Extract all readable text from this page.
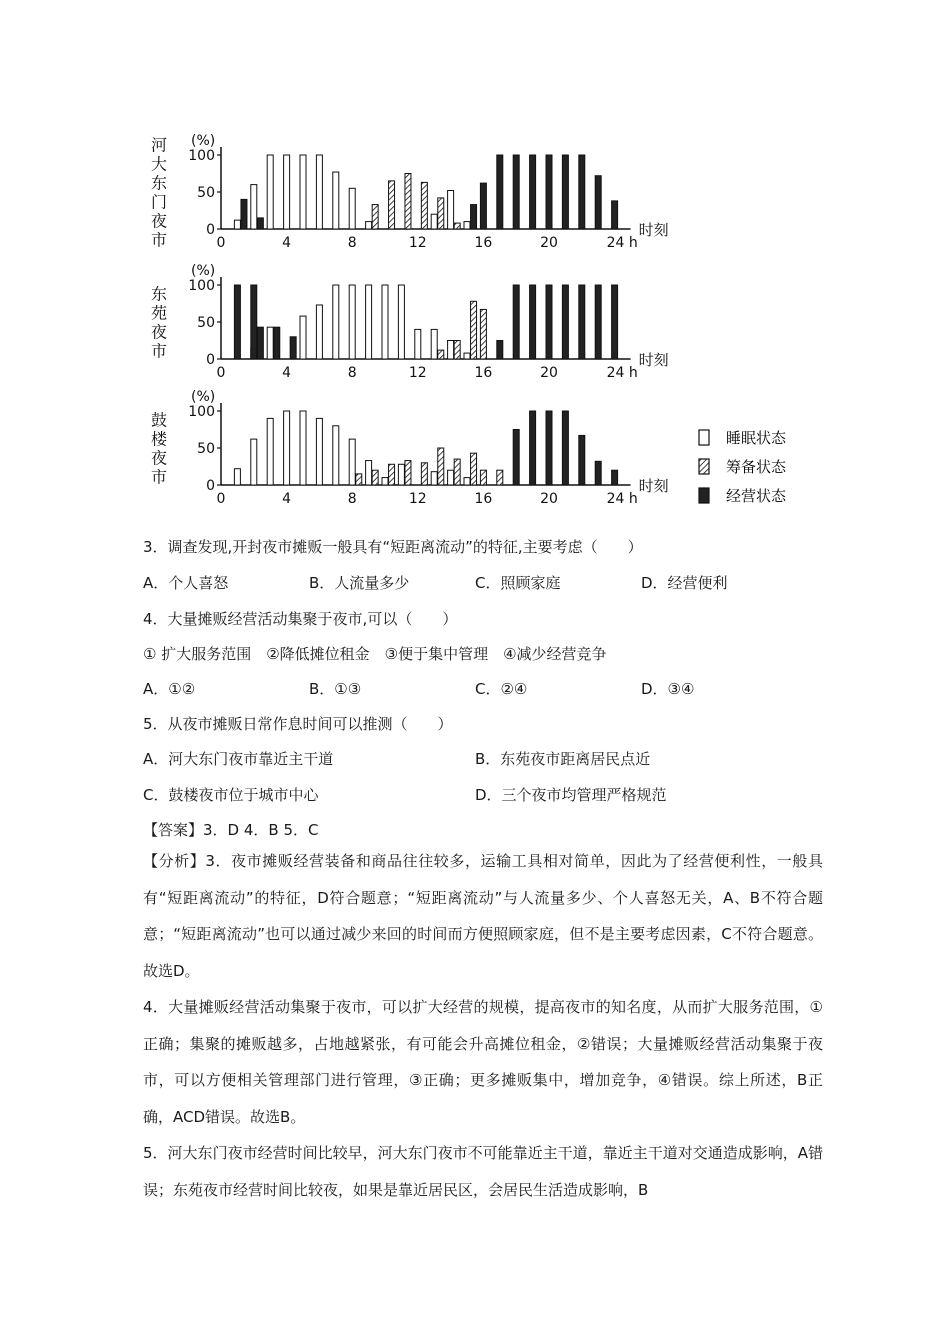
0
50
100
(%)
0	4	8	12	16	20	24 h
时刻
河
大
东
门
夜
市
0
50
100
(%)
0	4	8	12	16	20	24 h
时刻
东
苑
夜
市
0
50
100
(%)
0	4	8	12	16	20	24 h
时刻
鼓
楼
夜
市
睡眠状态
筹备状态
经营状态
3．调查发现,开封夜市摊贩一般具有“短距离流动”的特征,主要考虑（　　）
A．个人喜怒	B．人流量多少	C．照顾家庭	D．经营便利
4．大量摊贩经营活动集聚于夜市,可以（　　）
① 扩大服务范围　②降低摊位租金　③便于集中管理　④减少经营竞争
A．①②	B．①③	C．②④	D．③④
5．从夜市摊贩日常作息时间可以推测（　　）
A．河大东门夜市靠近主干道	B．东苑夜市距离居民点近
C．鼓楼夜市位于城市中心	D．三个夜市均管理严格规范
【答案】3．D 4．B 5．C

【分析】3．夜市摊贩经营装备和商品往往较多，运输工具相对简单，因此为了经营便利性，一般具有“短距离流动”的特征，D符合题意；“短距离流动”与人流量多少、个人喜怒无关，A、B不符合题意；“短距离流动”也可以通过减少来回的时间而方便照顾家庭，但不是主要考虑因素，C不符合题意。故选D。

4．大量摊贩经营活动集聚于夜市，可以扩大经营的规模，提高夜市的知名度，从而扩大服务范围，①正确；集聚的摊贩越多，占地越紧张，有可能会升高摊位租金，②错误；大量摊贩经营活动集聚于夜市，可以方便相关管理部门进行管理，③正确；更多摊贩集中，增加竞争，④错误。综上所述，B正确，ACD错误。故选B。

5．河大东门夜市经营时间比较早，河大东门夜市不可能靠近主干道，靠近主干道对交通造成影响，A错误；东苑夜市经营时间比较夜，如果是靠近居民区，会居民生活造成影响，B
